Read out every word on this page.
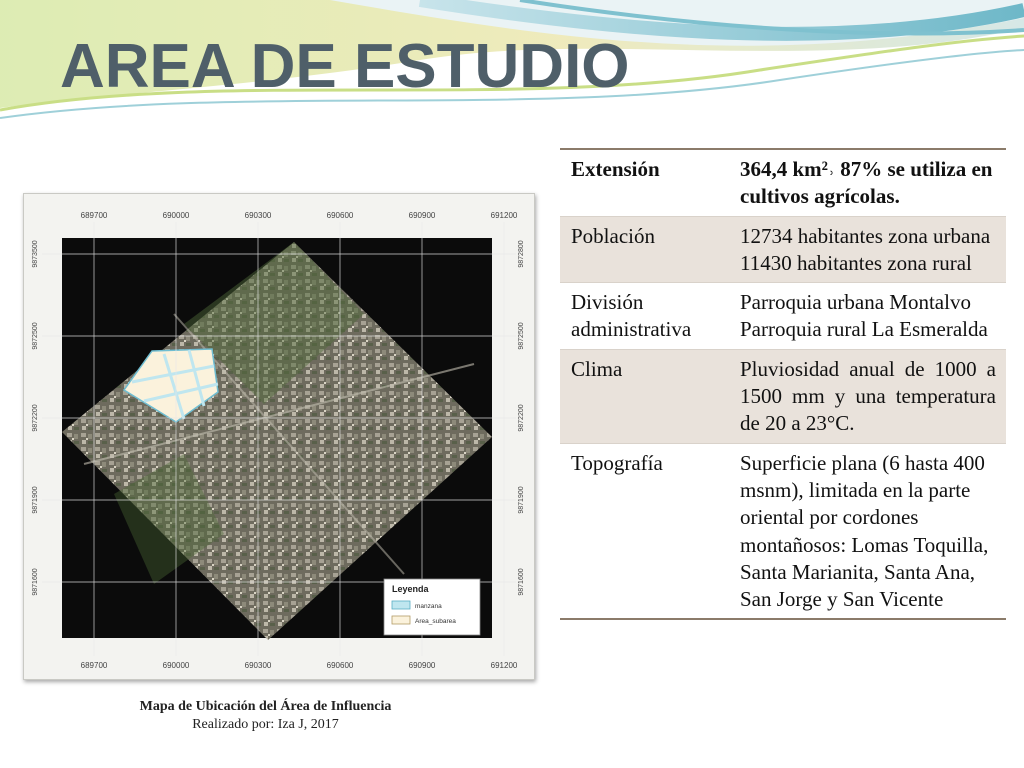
AREA DE ESTUDIO
689700	690000	690300	690600	690900	691200
689700	690000	690300	690600	690900	691200
9873500
9872500
9872200
9871900
9871600
9872800
9872500
9872200
9871900
9871600
Leyenda
manzana
Area_subarea
Mapa de Ubicación del Área de Influencia
Realizado por: Iza J, 2017
Extensión	364,4 km²˒ 87% se utiliza en cultivos agrícolas.
Población	12734 habitantes zona urbana
11430 habitantes zona rural

División administrativa	Parroquia urbana Montalvo
Parroquia rural La Esmeralda

Clima	Pluviosidad anual de 1000 a 1500 mm y una temperatura de 20 a 23°C.
Topografía	Superficie plana (6 hasta 400 msnm), limitada en la parte oriental por cordones montañosos: Lomas Toquilla, Santa Marianita, Santa Ana, San Jorge y San Vicente
